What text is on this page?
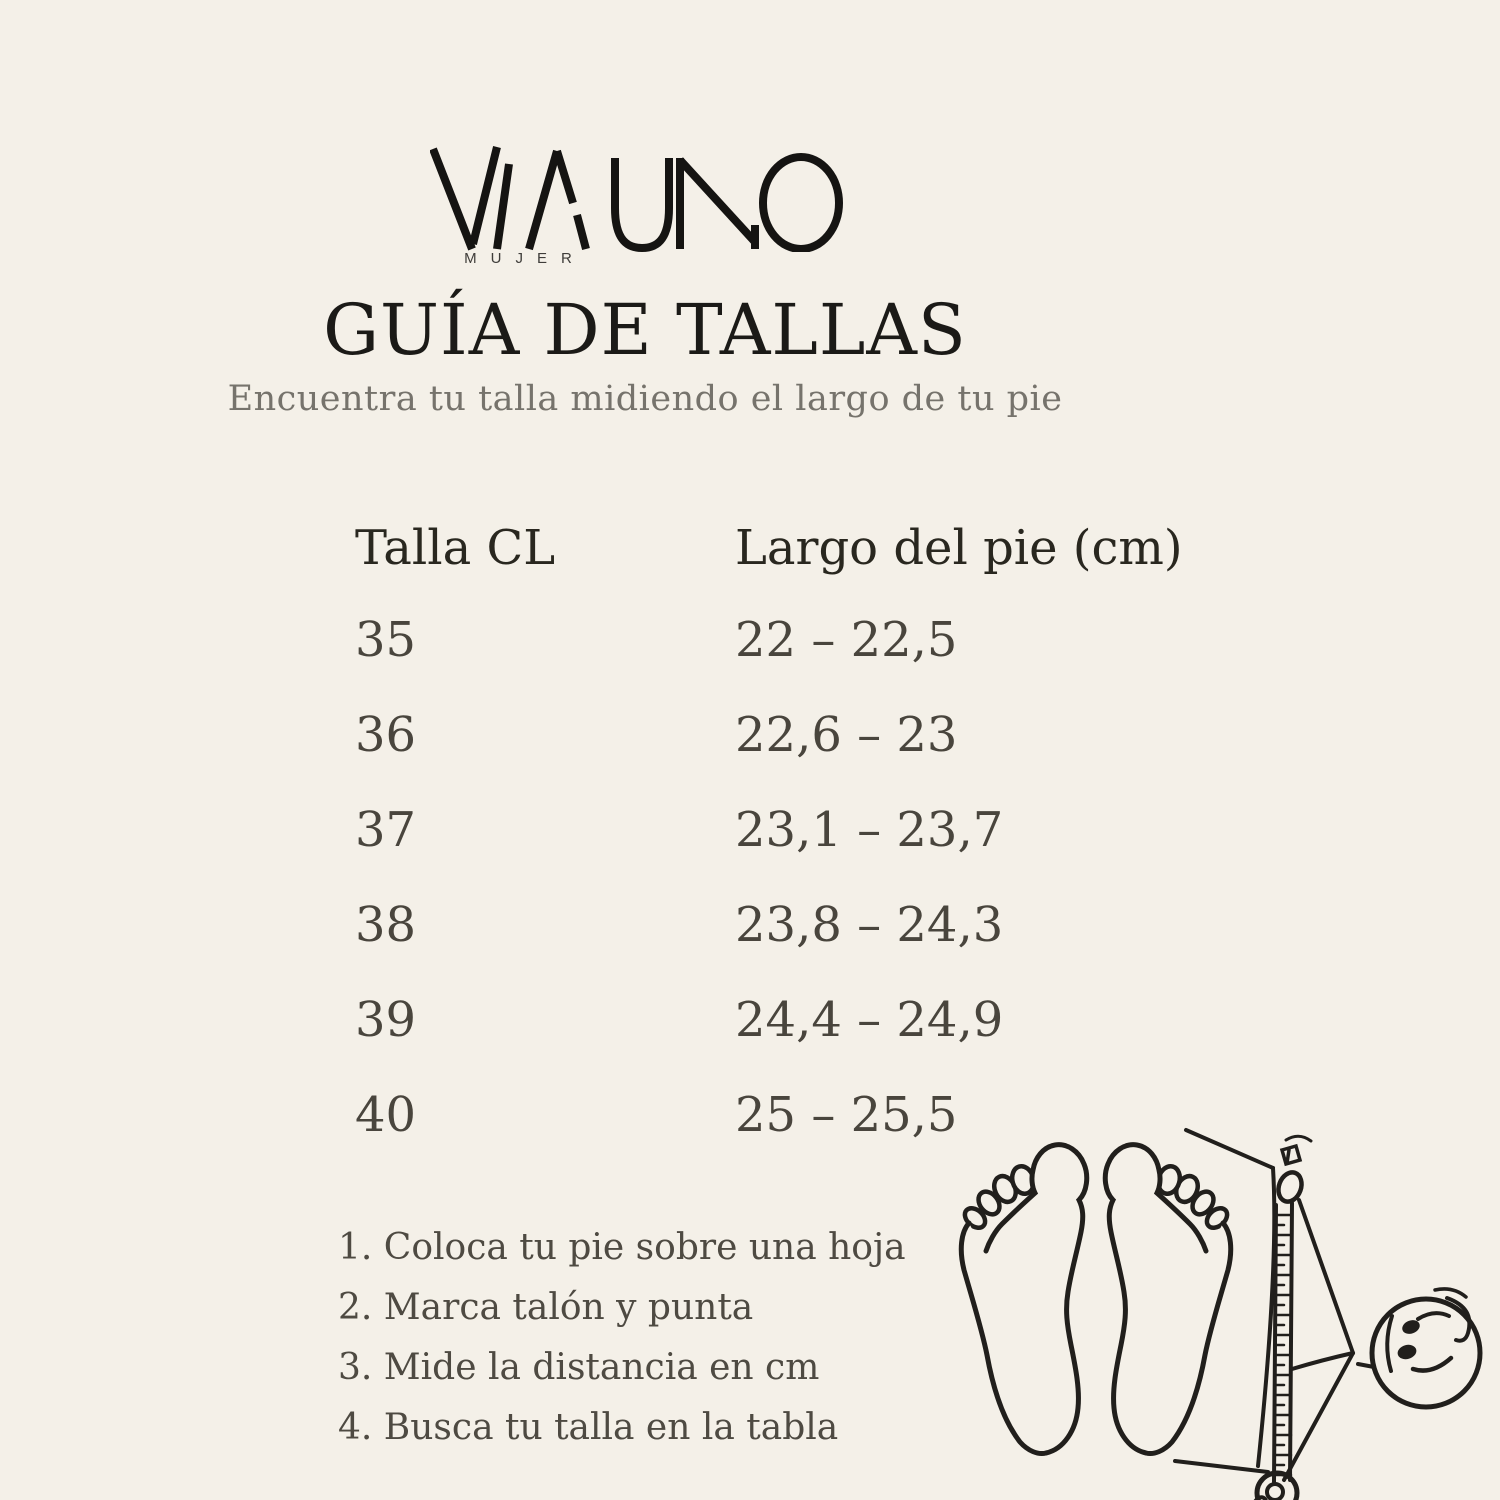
MUJER
GUÍA DE TALLAS
Encuentra tu talla midiendo el largo de tu pie
Talla CL	Largo del pie (cm)
35	22 – 22,5
36	22,6 – 23
37	23,1 – 23,7
38	23,8 – 24,3
39	24,4 – 24,9
40	25 – 25,5
1. Coloca tu pie sobre una hoja
2. Marca talón y punta
3. Mide la distancia en cm
4. Busca tu talla en la tabla
